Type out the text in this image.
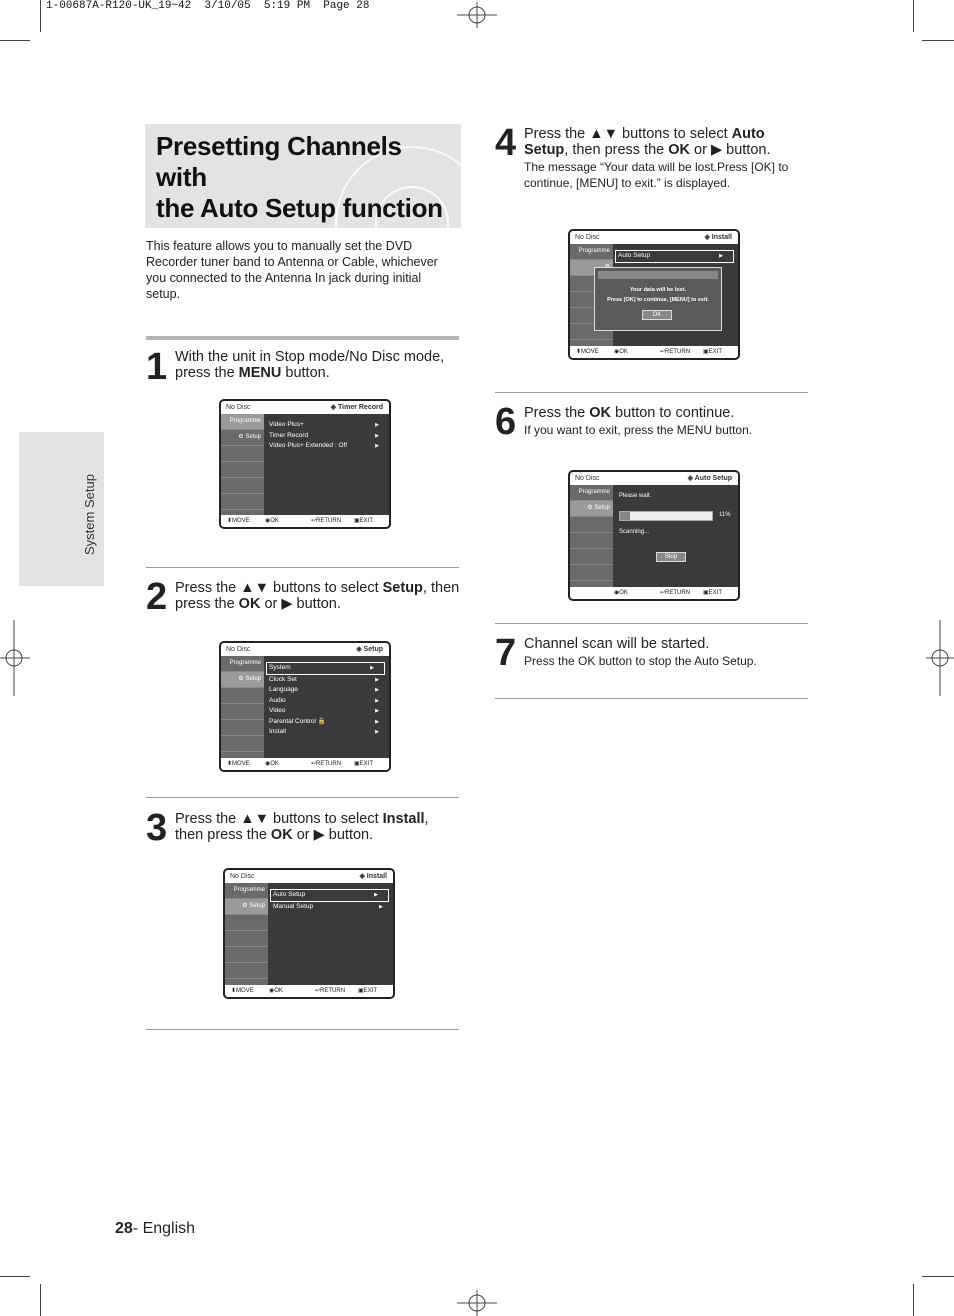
1-00687A-R120-UK_19~42  3/10/05  5:19 PM  Page 28
System Setup
Presetting Channels with
the Auto Setup function
This feature allows you to manually set the DVD Recorder tuner band to Antenna or Cable, whichever you connected to the Antenna In jack during initial setup.
1 With the unit in Stop mode/No Disc mode, press the MENU button.
No Disc	◈ Timer Record
Programme
⚙ Setup
Video Plus+	▶
Timer Record	▶
Video Plus+ Extended : Off	▶
⬍ MOVE	◉ OK	↩ RETURN ▣ EXIT
2 Press the ▲▼ buttons to select Setup, then press the OK or ▶ button.
No Disc	◈ Setup
Programme
⚙ Setup
System	▶
Clock Set	▶
Language	▶
Audio	▶
Video	▶
Parental Control 🔒	▶
Install	▶
⬍ MOVE	◉ OK	↩ RETURN ▣ EXIT
3 Press the ▲▼ buttons to select Install, then press the OK or ▶ button.
No Disc	◈ Install
Programme
⚙ Setup
Auto Setup	▶
Manual Setup	▶
⬍ MOVE	◉ OK	↩ RETURN ▣ EXIT
4 Press the ▲▼ buttons to select Auto Setup, then press the OK or ▶ button.
The message “Your data will be lost.Press [OK] to continue, [MENU] to exit.” is displayed.
No Disc	◈ Install
Programme
Auto Setup	▶
Your data will be lost.
Press [OK] to continue, [MENU] to exit.
OK
⬍ MOVE	◉ OK	↩ RETURN ▣ EXIT
6 Press the OK button to continue.
If you want to exit, press the MENU button.
No Disc	◈ Auto Setup
Programme
⚙ Setup
Please wait.
11%
Scanning...
Stop
◉ OK	↩ RETURN ▣ EXIT
7 Channel scan will be started.
Press the OK button to stop the Auto Setup.
28- English
